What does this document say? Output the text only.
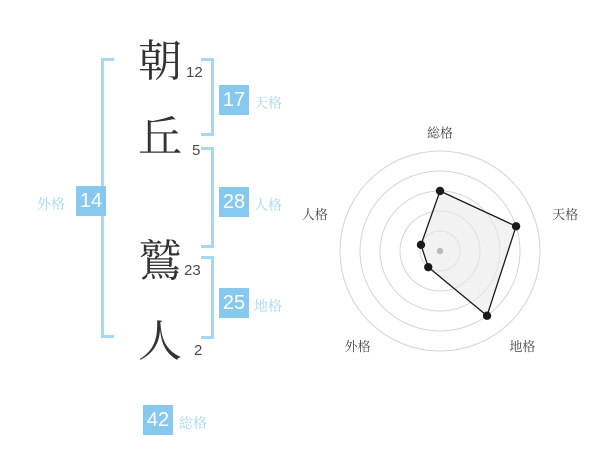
朝
丘
鷲
人
12
5
23
2
外格 14
17 天格
28 人格
25 地格
42 総格
総格
天格
地格
外格
人格
